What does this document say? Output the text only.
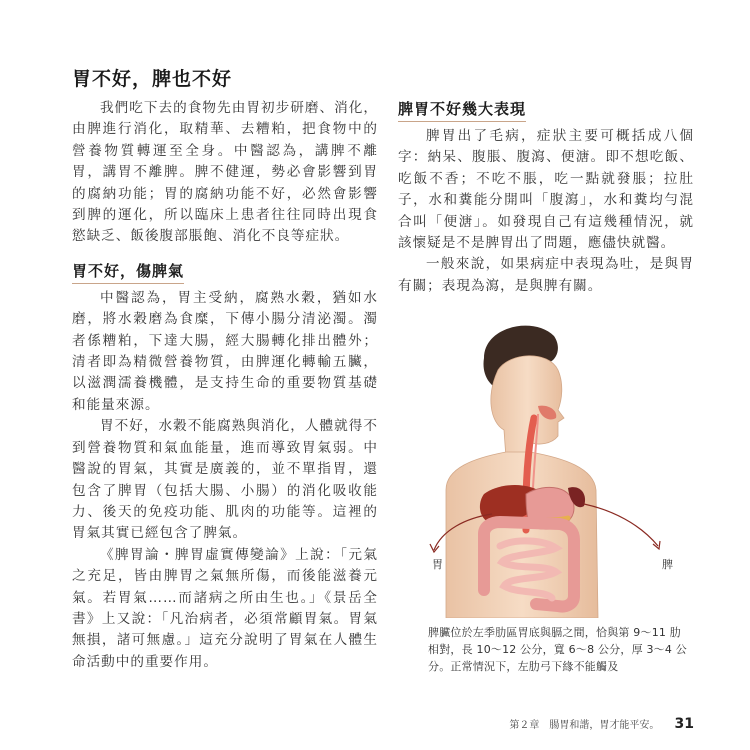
胃不好，脾也不好

我們吃下去的食物先由胃初步研磨、消化，由脾進行消化，取精華、去糟粕，把食物中的營養物質轉運至全身。中醫認為，講脾不離胃，講胃不離脾。脾不健運，勢必會影響到胃的腐納功能；胃的腐納功能不好，必然會影響到脾的運化，所以臨床上患者往往同時出現食慾缺乏、飯後腹部脹飽、消化不良等症狀。

胃不好，傷脾氣

中醫認為，胃主受納，腐熟水穀，猶如水磨，將水穀磨為食糜，下傳小腸分清泌濁。濁者係糟粕，下達大腸，經大腸轉化排出體外；清者即為精微營養物質，由脾運化轉輸五臟，以滋潤濡養機體，是支持生命的重要物質基礎和能量來源。

胃不好，水穀不能腐熟與消化，人體就得不到營養物質和氣血能量，進而導致胃氣弱。中醫說的胃氣，其實是廣義的，並不單指胃，還包含了脾胃（包括大腸、小腸）的消化吸收能力、後天的免疫功能、肌肉的功能等。這裡的胃氣其實已經包含了脾氣。

《脾胃論・脾胃虛實傳變論》上說：「元氣之充足，皆由脾胃之氣無所傷，而後能滋養元氣。若胃氣……而諸病之所由生也。」《景岳全書》上又說：「凡治病者，必須常顧胃氣。胃氣無損，諸可無慮。」這充分說明了胃氣在人體生命活動中的重要作用。

脾胃不好幾大表現

脾胃出了毛病，症狀主要可概括成八個字：納呆、腹脹、腹瀉、便溏。即不想吃飯、吃飯不香；不吃不脹，吃一點就發脹；拉肚子，水和糞能分開叫「腹瀉」，水和糞均勻混合叫「便溏」。如發現自己有這幾種情況，就該懷疑是不是脾胃出了問題，應儘快就醫。

一般來說，如果病症中表現為吐，是與胃有關；表現為瀉，是與脾有關。

胃	脾
脾臟位於左季肋區胃底與膈之間，恰與第 9～11 肋相對，長 10～12 公分，寬 6～8 公分，厚 3～4 公分。正常情況下，左肋弓下緣不能觸及
第２章　腸胃和諧，胃才能平安。 31
